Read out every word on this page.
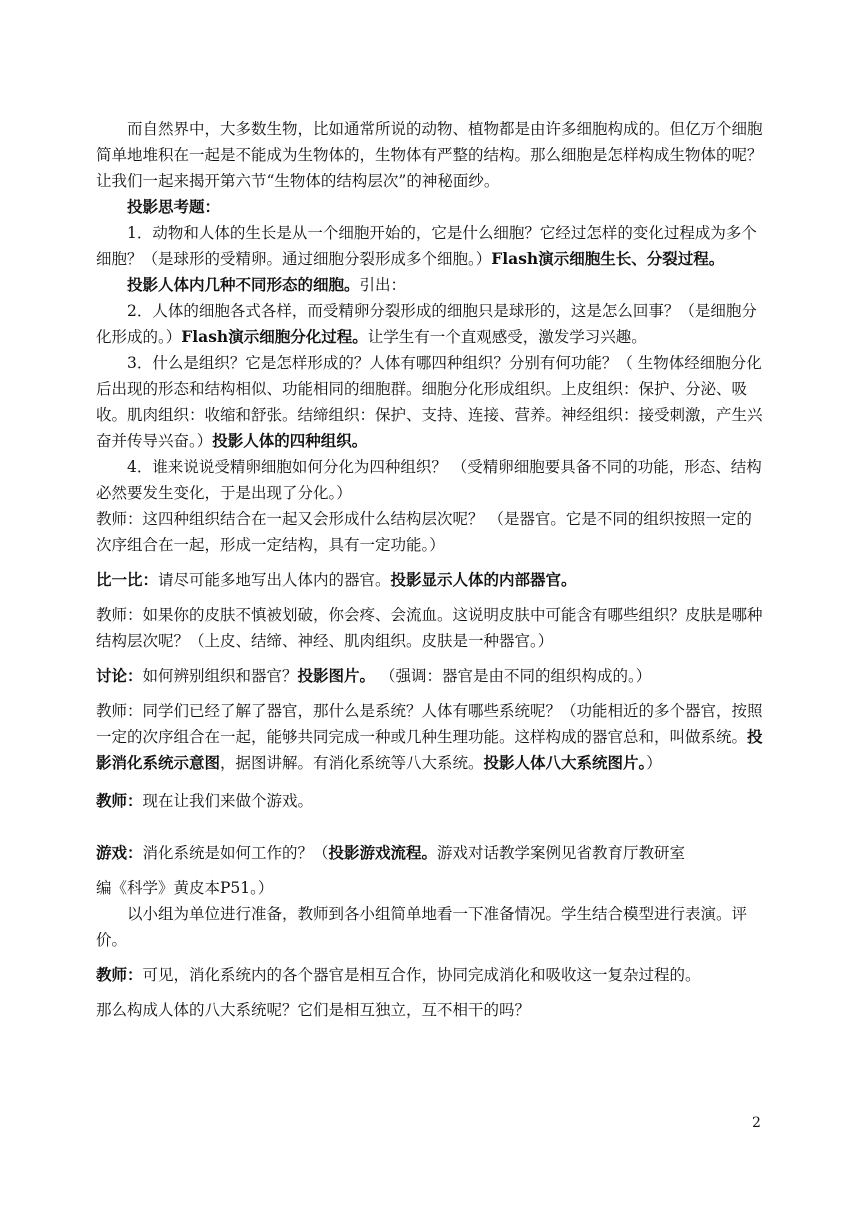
而自然界中，大多数生物，比如通常所说的动物、植物都是由许多细胞构成的。但亿万个细胞简单地堆积在一起是不能成为生物体的，生物体有严整的结构。那么细胞是怎样构成生物体的呢？让我们一起来揭开第六节“生物体的结构层次”的神秘面纱。

投影思考题：

1．动物和人体的生长是从一个细胞开始的，它是什么细胞？它经过怎样的变化过程成为多个细胞？（是球形的受精卵。通过细胞分裂形成多个细胞。）Flash演示细胞生长、分裂过程。

投影人体内几种不同形态的细胞。引出：

2．人体的细胞各式各样，而受精卵分裂形成的细胞只是球形的，这是怎么回事？（是细胞分化形成的。）Flash演示细胞分化过程。让学生有一个直观感受，激发学习兴趣。

3．什么是组织？它是怎样形成的？人体有哪四种组织？分别有何功能？（ 生物体经细胞分化后出现的形态和结构相似、功能相同的细胞群。细胞分化形成组织。上皮组织：保护、分泌、吸收。肌肉组织：收缩和舒张。结缔组织：保护、支持、连接、营养。神经组织：接受刺激，产生兴奋并传导兴奋。）投影人体的四种组织。

4．谁来说说受精卵细胞如何分化为四种组织？ （受精卵细胞要具备不同的功能，形态、结构必然要发生变化，于是出现了分化。）

教师：这四种组织结合在一起又会形成什么结构层次呢？ （是器官。它是不同的组织按照一定的次序组合在一起，形成一定结构，具有一定功能。）

比一比：请尽可能多地写出人体内的器官。投影显示人体的内部器官。

教师：如果你的皮肤不慎被划破，你会疼、会流血。这说明皮肤中可能含有哪些组织？皮肤是哪种结构层次呢？（上皮、结缔、神经、肌肉组织。皮肤是一种器官。）

讨论：如何辨别组织和器官？投影图片。 （强调：器官是由不同的组织构成的。）

教师：同学们已经了解了器官，那什么是系统？人体有哪些系统呢？（功能相近的多个器官，按照一定的次序组合在一起，能够共同完成一种或几种生理功能。这样构成的器官总和，叫做系统。投影消化系统示意图，据图讲解。有消化系统等八大系统。投影人体八大系统图片。）

教师：现在让我们来做个游戏。

游戏：消化系统是如何工作的？（投影游戏流程。游戏对话教学案例见省教育厅教研室

编《科学》黄皮本P51。）

以小组为单位进行准备，教师到各小组简单地看一下准备情况。学生结合模型进行表演。评价。

教师：可见，消化系统内的各个器官是相互合作，协同完成消化和吸收这一复杂过程的。

那么构成人体的八大系统呢？它们是相互独立，互不相干的吗？

2
